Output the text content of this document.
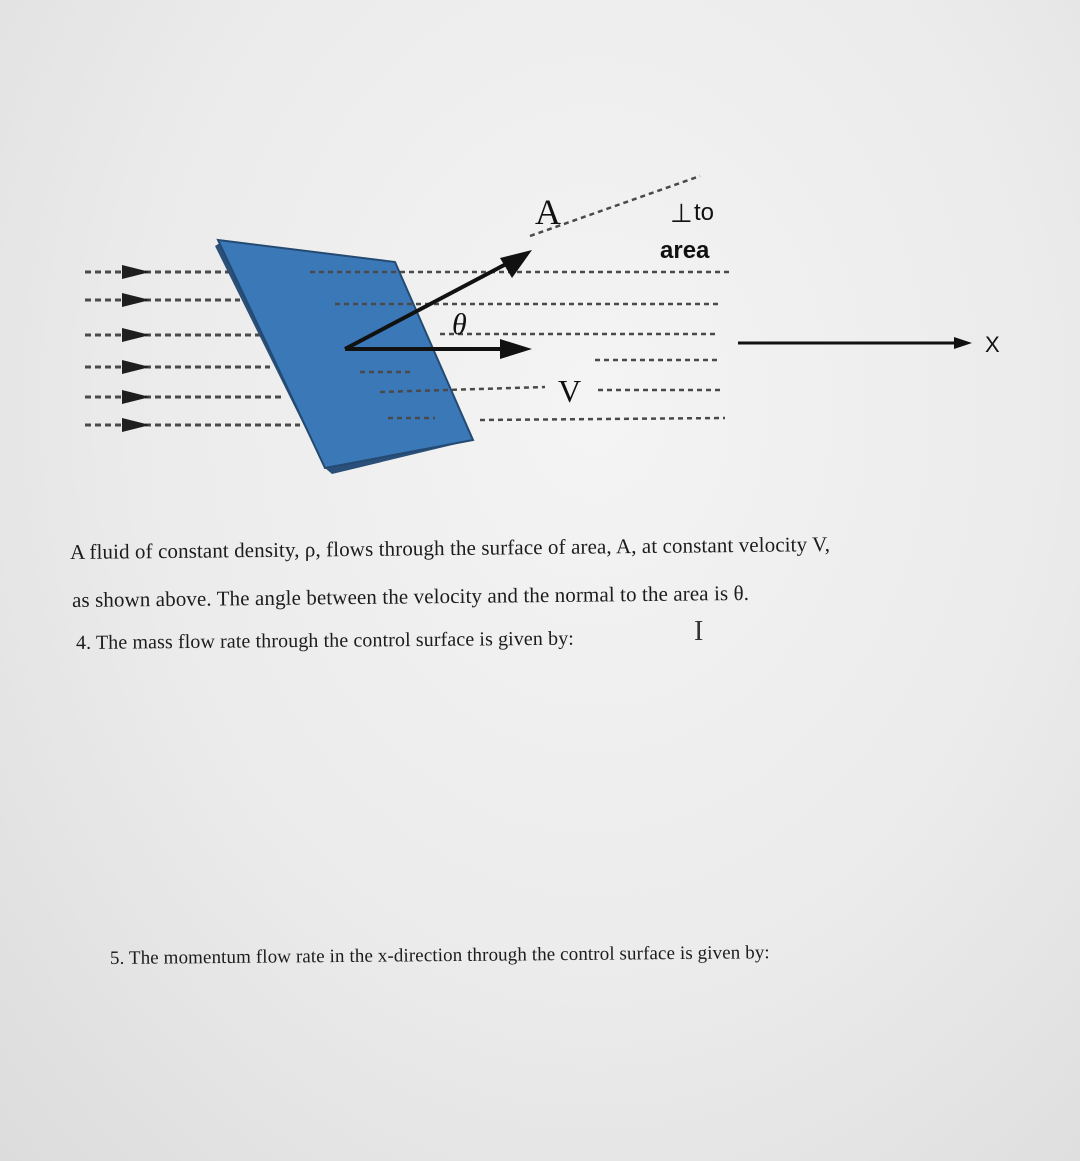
A	⊥ to
area
θ
V
X
A fluid of constant density, ρ, flows through the surface of area, A, at constant velocity V,
as shown above. The angle between the velocity and the normal to the area is θ.
4. The mass flow rate through the control surface is given by:	I
5. The momentum flow rate in the x-direction through the control surface is given by:
